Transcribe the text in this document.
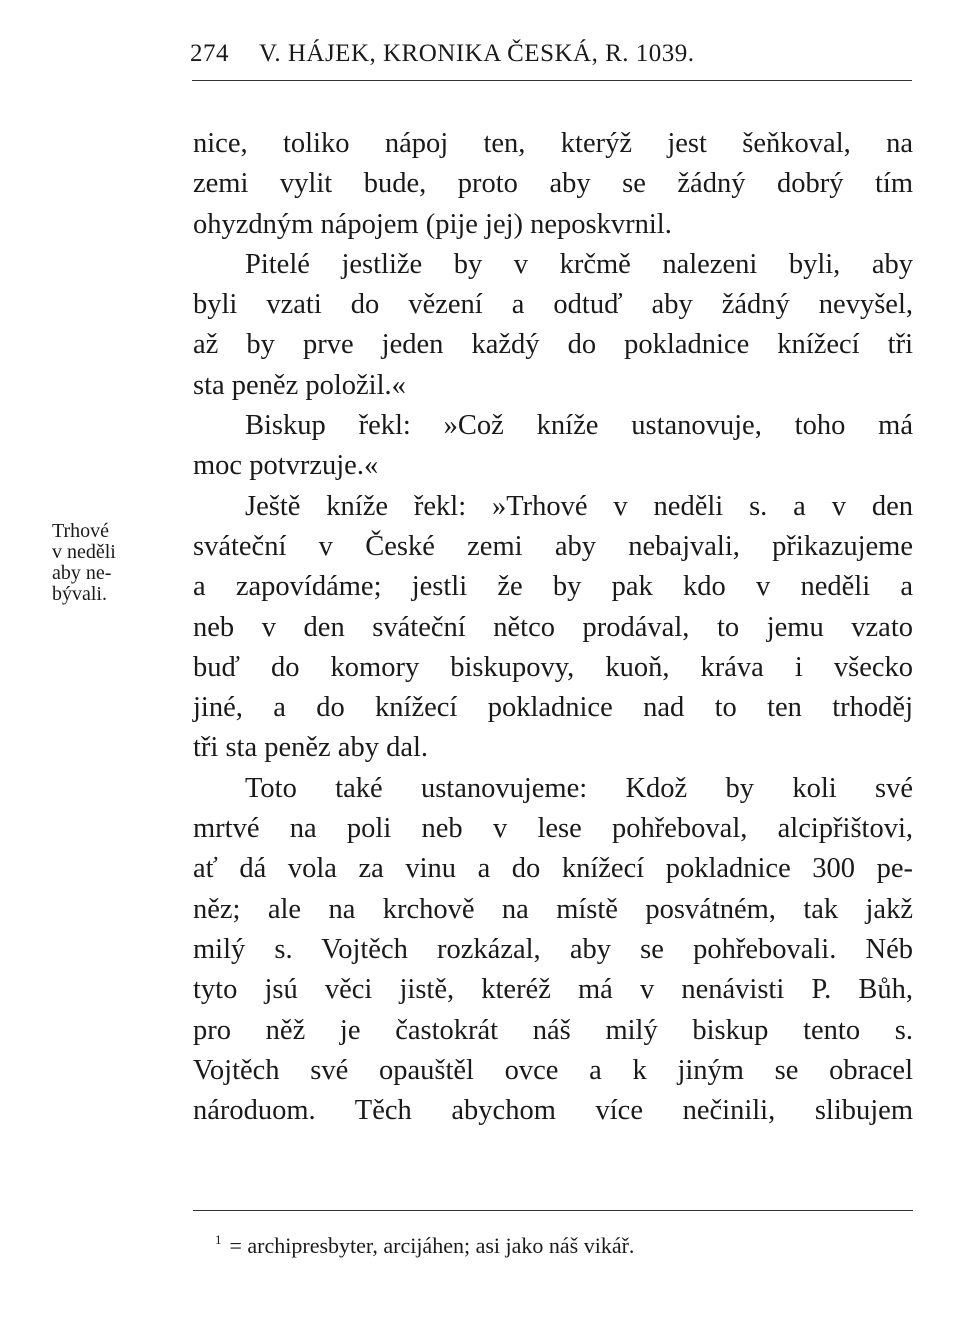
274 V. HÁJEK, KRONIKA ČESKÁ, R. 1039.
Trhové
v neděli
aby ne-
bývali.
nice, toliko nápoj ten, kterýž jest šeňkoval, na
zemi vylit bude, proto aby se žádný dobrý tím
ohyzdným nápojem (pije jej) neposkvrnil.
Pitelé jestliže by v krčmě nalezeni byli, aby
byli vzati do vězení a odtuď aby žádný nevyšel,
až by prve jeden každý do pokladnice knížecí tři
sta peněz položil.«
Biskup řekl: »Což kníže ustanovuje, toho má
moc potvrzuje.«
Ještě kníže řekl: »Trhové v neděli s. a v den
sváteční v České zemi aby nebajvali, přikazujeme
a zapovídáme; jestli že by pak kdo v neděli a
neb v den sváteční nětco prodával, to jemu vzato
buď do komory biskupovy, kuoň, kráva i všecko
jiné, a do knížecí pokladnice nad to ten trhoděj
tři sta peněz aby dal.
Toto také ustanovujeme: Kdož by koli své
mrtvé na poli neb v lese pohřeboval, alcipřištovi,
ať dá vola za vinu a do knížecí pokladnice 300 pe-
něz; ale na krchově na místě posvátném, tak jakž
milý s. Vojtěch rozkázal, aby se pohřebovali. Néb
tyto jsú věci jistě, kteréž má v nenávisti P. Bůh,
pro něž je častokrát náš milý biskup tento s.
Vojtěch své opauštěl ovce a k jiným se obracel
národuom. Těch abychom více nečinili, slibujem
$^1$ = archipresbyter, arcijáhen; asi jako náš vikář.
